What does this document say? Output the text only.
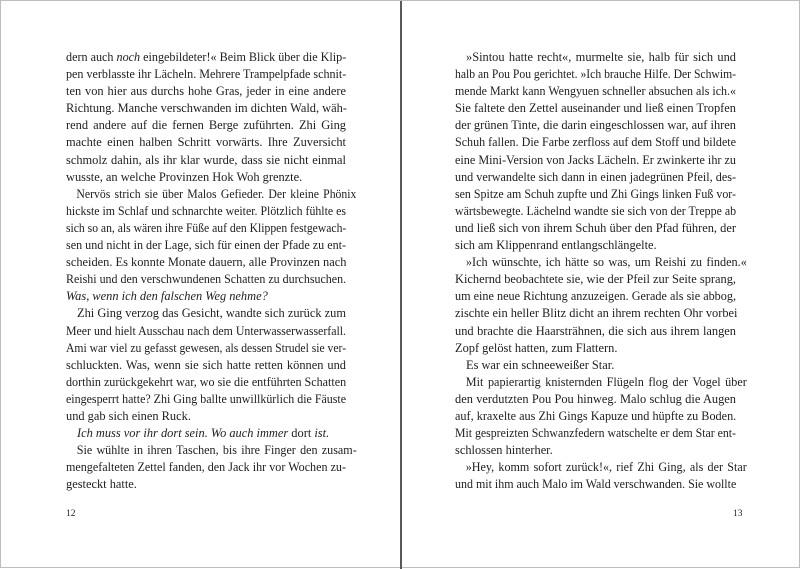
dern auch noch eingebildeter!« Beim Blick über die Klip-
pen verblasste ihr Lächeln. Mehrere Trampelpfade schnit-
ten von hier aus durchs hohe Gras, jeder in eine andere
Richtung. Manche verschwanden im dichten Wald, wäh-
rend andere auf die fernen Berge zuführten. Zhi Ging
machte einen halben Schritt vorwärts. Ihre Zuversicht
schmolz dahin, als ihr klar wurde, dass sie nicht einmal
wusste, an welche Provinzen Hok Woh grenzte.
Nervös strich sie über Malos Gefieder. Der kleine Phönix
hickste im Schlaf und schnarchte weiter. Plötzlich fühlte es
sich so an, als wären ihre Füße auf den Klippen festgewach-
sen und nicht in der Lage, sich für einen der Pfade zu ent-
scheiden. Es konnte Monate dauern, alle Provinzen nach
Reishi und den verschwundenen Schatten zu durchsuchen.
Was, wenn ich den falschen Weg nehme?
Zhi Ging verzog das Gesicht, wandte sich zurück zum
Meer und hielt Ausschau nach dem Unterwasserwasserfall.
Ami war viel zu gefasst gewesen, als dessen Strudel sie ver-
schluckten. Was, wenn sie sich hatte retten können und
dorthin zurückgekehrt war, wo sie die entführten Schatten
eingesperrt hatte? Zhi Ging ballte unwillkürlich die Fäuste
und gab sich einen Ruck.
Ich muss vor ihr dort sein. Wo auch immer dort ist.
Sie wühlte in ihren Taschen, bis ihre Finger den zusam-
mengefalteten Zettel fanden, den Jack ihr vor Wochen zu-
gesteckt hatte.
12
»Sintou hatte recht«, murmelte sie, halb für sich und
halb an Pou Pou gerichtet. »Ich brauche Hilfe. Der Schwim-
mende Markt kann Wengyuen schneller absuchen als ich.«
Sie faltete den Zettel auseinander und ließ einen Tropfen
der grünen Tinte, die darin eingeschlossen war, auf ihren
Schuh fallen. Die Farbe zerfloss auf dem Stoff und bildete
eine Mini-Version von Jacks Lächeln. Er zwinkerte ihr zu
und verwandelte sich dann in einen jadegrünen Pfeil, des-
sen Spitze am Schuh zupfte und Zhi Gings linken Fuß vor-
wärtsbewegte. Lächelnd wandte sie sich von der Treppe ab
und ließ sich von ihrem Schuh über den Pfad führen, der
sich am Klippenrand entlangschlängelte.
»Ich wünschte, ich hätte so was, um Reishi zu finden.«
Kichernd beobachtete sie, wie der Pfeil zur Seite sprang,
um eine neue Richtung anzuzeigen. Gerade als sie abbog,
zischte ein heller Blitz dicht an ihrem rechten Ohr vorbei
und brachte die Haarsträhnen, die sich aus ihrem langen
Zopf gelöst hatten, zum Flattern.
Es war ein schneeweißer Star.
Mit papierartig knisternden Flügeln flog der Vogel über
den verdutzten Pou Pou hinweg. Malo schlug die Augen
auf, kraxelte aus Zhi Gings Kapuze und hüpfte zu Boden.
Mit gespreizten Schwanzfedern watschelte er dem Star ent-
schlossen hinterher.
»Hey, komm sofort zurück!«, rief Zhi Ging, als der Star
und mit ihm auch Malo im Wald verschwanden. Sie wollte
13
